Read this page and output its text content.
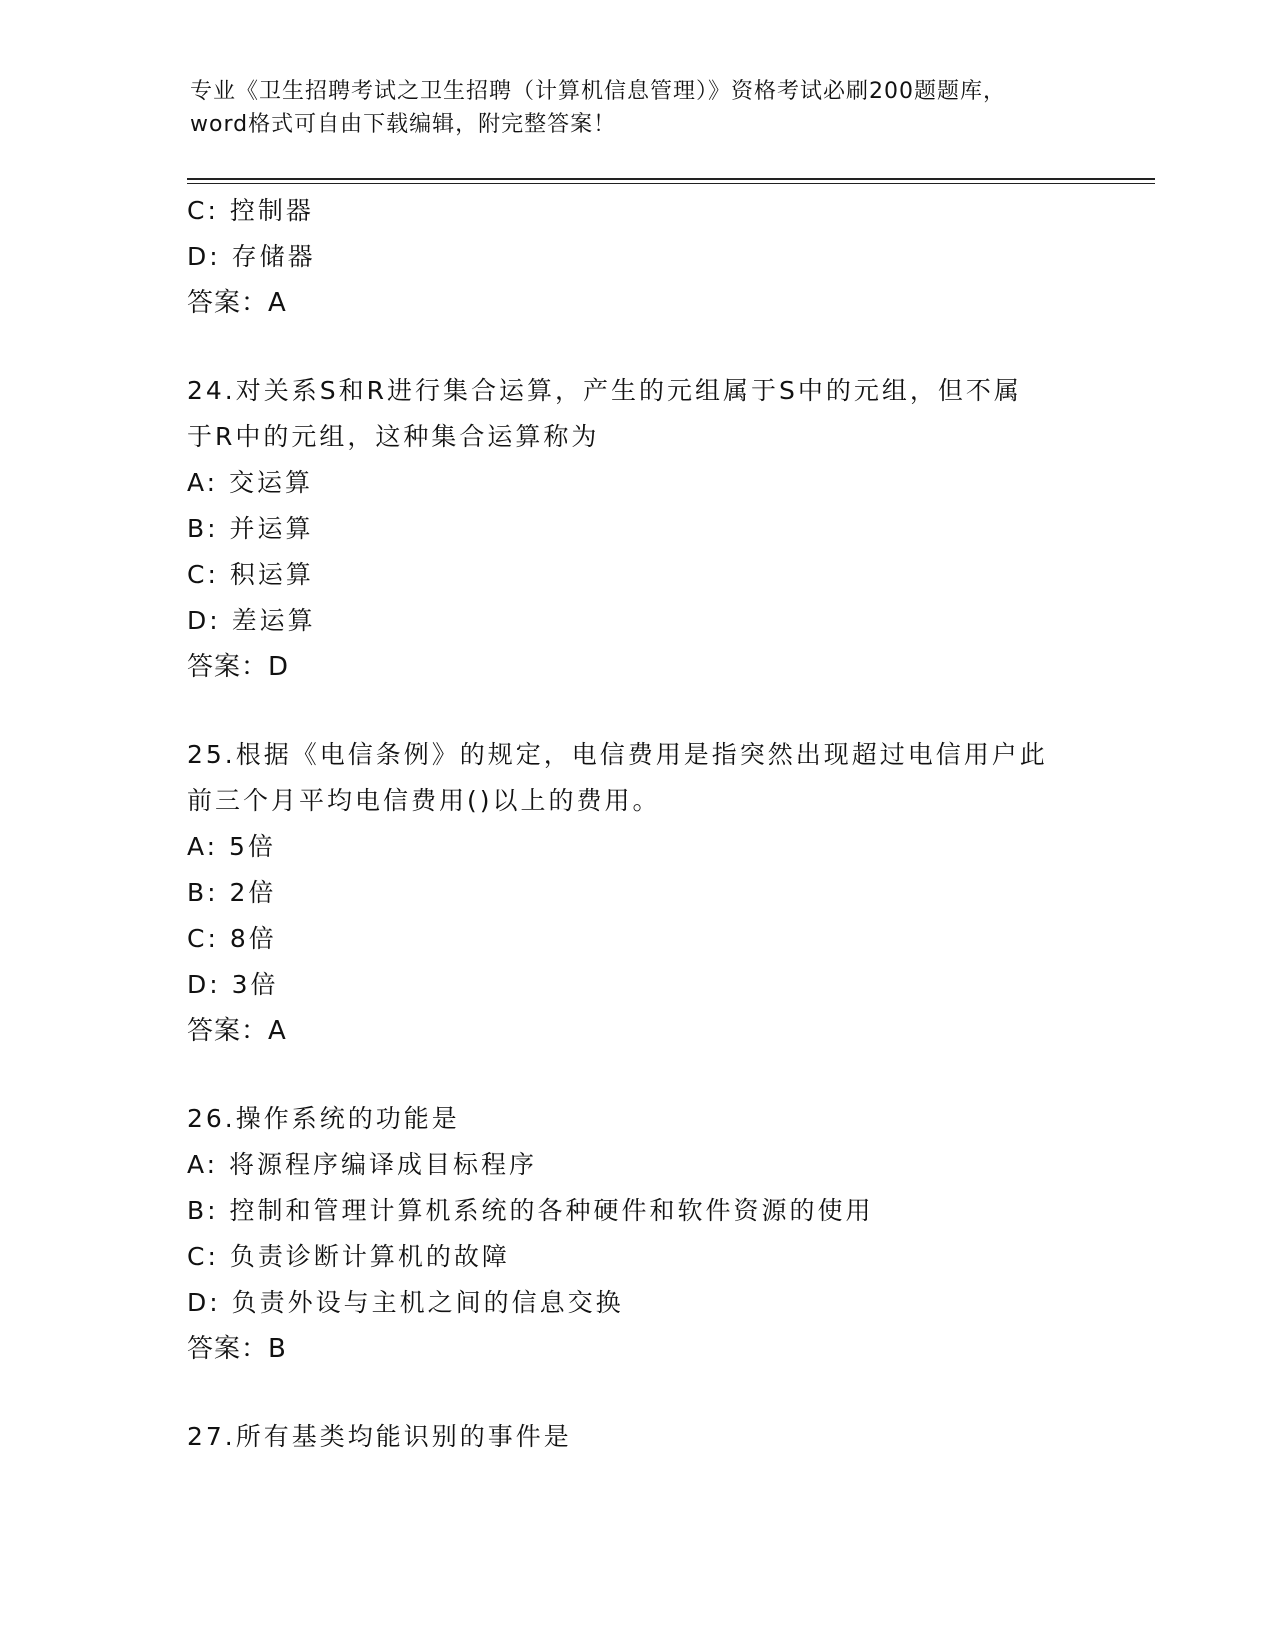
专业《卫生招聘考试之卫生招聘（计算机信息管理）》资格考试必刷200题题库，
word格式可自由下载编辑，附完整答案！
C: 控制器
D: 存储器
答案：A
24.对关系S和R进行集合运算，产生的元组属于S中的元组，但不属
于R中的元组，这种集合运算称为
A: 交运算
B: 并运算
C: 积运算
D: 差运算
答案：D
25.根据《电信条例》的规定，电信费用是指突然出现超过电信用户此
前三个月平均电信费用()以上的费用。
A: 5倍
B: 2倍
C: 8倍
D: 3倍
答案：A
26.操作系统的功能是
A: 将源程序编译成目标程序
B: 控制和管理计算机系统的各种硬件和软件资源的使用
C: 负责诊断计算机的故障
D: 负责外设与主机之间的信息交换
答案：B
27.所有基类均能识别的事件是
